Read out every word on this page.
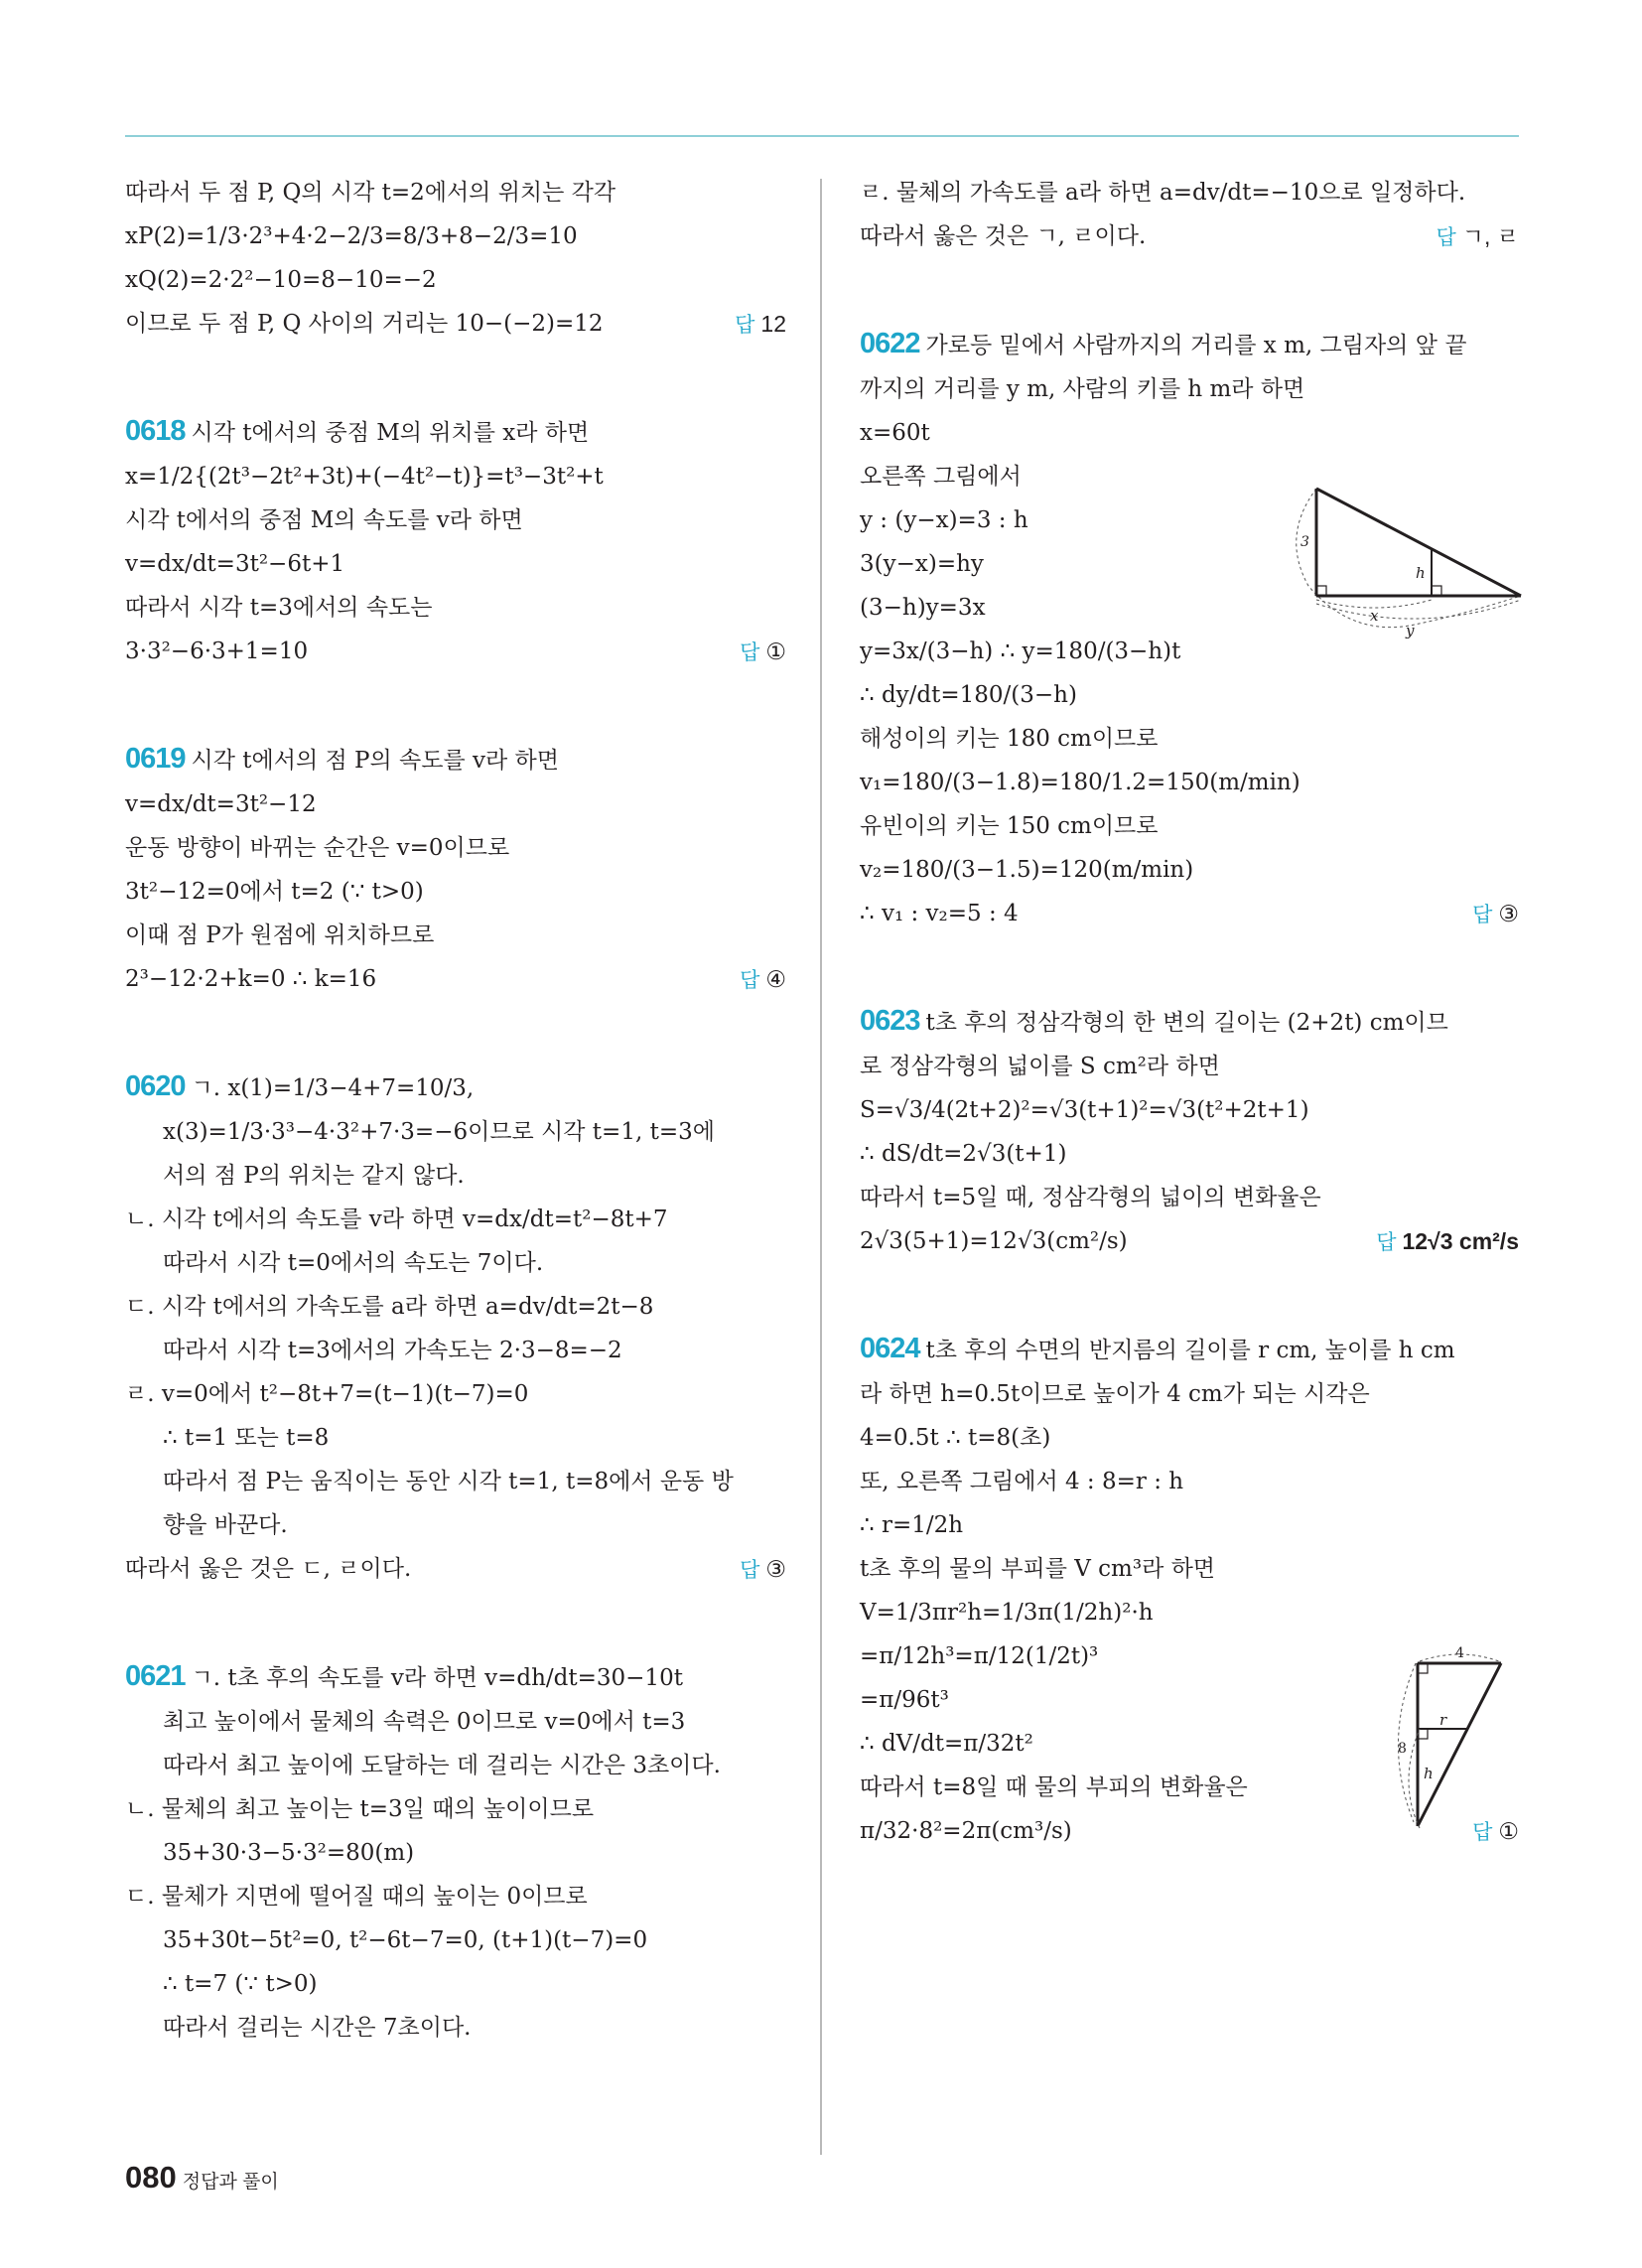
따라서 두 점 P, Q의 시각 t=2에서의 위치는 각각
xP(2)=1/3·2³+4·2−2/3=8/3+8−2/3=10
xQ(2)=2·2²−10=8−10=−2
이므로 두 점 P, Q 사이의 거리는 10−(−2)=12	답 12
0618 시각 t에서의 중점 M의 위치를 x라 하면
x=1/2{(2t³−2t²+3t)+(−4t²−t)}=t³−3t²+t
시각 t에서의 중점 M의 속도를 v라 하면
v=dx/dt=3t²−6t+1
따라서 시각 t=3에서의 속도는
3·3²−6·3+1=10	답 ①
0619 시각 t에서의 점 P의 속도를 v라 하면
v=dx/dt=3t²−12
운동 방향이 바뀌는 순간은 v=0이므로
3t²−12=0에서 t=2 (∵ t>0)
이때 점 P가 원점에 위치하므로
2³−12·2+k=0 ∴ k=16	답 ④
0620 ㄱ. x(1)=1/3−4+7=10/3,
x(3)=1/3·3³−4·3²+7·3=−6이므로 시각 t=1, t=3에
서의 점 P의 위치는 같지 않다.
ㄴ. 시각 t에서의 속도를 v라 하면 v=dx/dt=t²−8t+7
따라서 시각 t=0에서의 속도는 7이다.
ㄷ. 시각 t에서의 가속도를 a라 하면 a=dv/dt=2t−8
따라서 시각 t=3에서의 가속도는 2·3−8=−2
ㄹ. v=0에서 t²−8t+7=(t−1)(t−7)=0
∴ t=1 또는 t=8
따라서 점 P는 움직이는 동안 시각 t=1, t=8에서 운동 방
향을 바꾼다.
따라서 옳은 것은 ㄷ, ㄹ이다.	답 ③
0621 ㄱ. t초 후의 속도를 v라 하면 v=dh/dt=30−10t
최고 높이에서 물체의 속력은 0이므로 v=0에서 t=3
따라서 최고 높이에 도달하는 데 걸리는 시간은 3초이다.
ㄴ. 물체의 최고 높이는 t=3일 때의 높이이므로
35+30·3−5·3²=80(m)
ㄷ. 물체가 지면에 떨어질 때의 높이는 0이므로
35+30t−5t²=0, t²−6t−7=0, (t+1)(t−7)=0
∴ t=7 (∵ t>0)
따라서 걸리는 시간은 7초이다.
ㄹ. 물체의 가속도를 a라 하면 a=dv/dt=−10으로 일정하다.
따라서 옳은 것은 ㄱ, ㄹ이다.	답 ㄱ, ㄹ
0622 가로등 밑에서 사람까지의 거리를 x m, 그림자의 앞 끝
까지의 거리를 y m, 사람의 키를 h m라 하면
x=60t
오른쪽 그림에서
y : (y−x)=3 : h
3(y−x)=hy
(3−h)y=3x
y=3x/(3−h) ∴ y=180/(3−h)t
∴ dy/dt=180/(3−h)
해성이의 키는 180 cm이므로
v₁=180/(3−1.8)=180/1.2=150(m/min)
유빈이의 키는 150 cm이므로
v₂=180/(3−1.5)=120(m/min)
∴ v₁ : v₂=5 : 4	답 ③
0623 t초 후의 정삼각형의 한 변의 길이는 (2+2t) cm이므
로 정삼각형의 넓이를 S cm²라 하면
S=√3/4(2t+2)²=√3(t+1)²=√3(t²+2t+1)
∴ dS/dt=2√3(t+1)
따라서 t=5일 때, 정삼각형의 넓이의 변화율은
2√3(5+1)=12√3(cm²/s)	답 12√3 cm²/s
0624 t초 후의 수면의 반지름의 길이를 r cm, 높이를 h cm
라 하면 h=0.5t이므로 높이가 4 cm가 되는 시각은
4=0.5t ∴ t=8(초)
또, 오른쪽 그림에서 4 : 8=r : h
∴ r=1/2h
t초 후의 물의 부피를 V cm³라 하면
V=1/3πr²h=1/3π(1/2h)²·h
=π/12h³=π/12(1/2t)³
=π/96t³
∴ dV/dt=π/32t²
따라서 t=8일 때 물의 부피의 변화율은
π/32·8²=2π(cm³/s)	답 ①
3
h
x
y
4
8
r
h
080 정답과 풀이
